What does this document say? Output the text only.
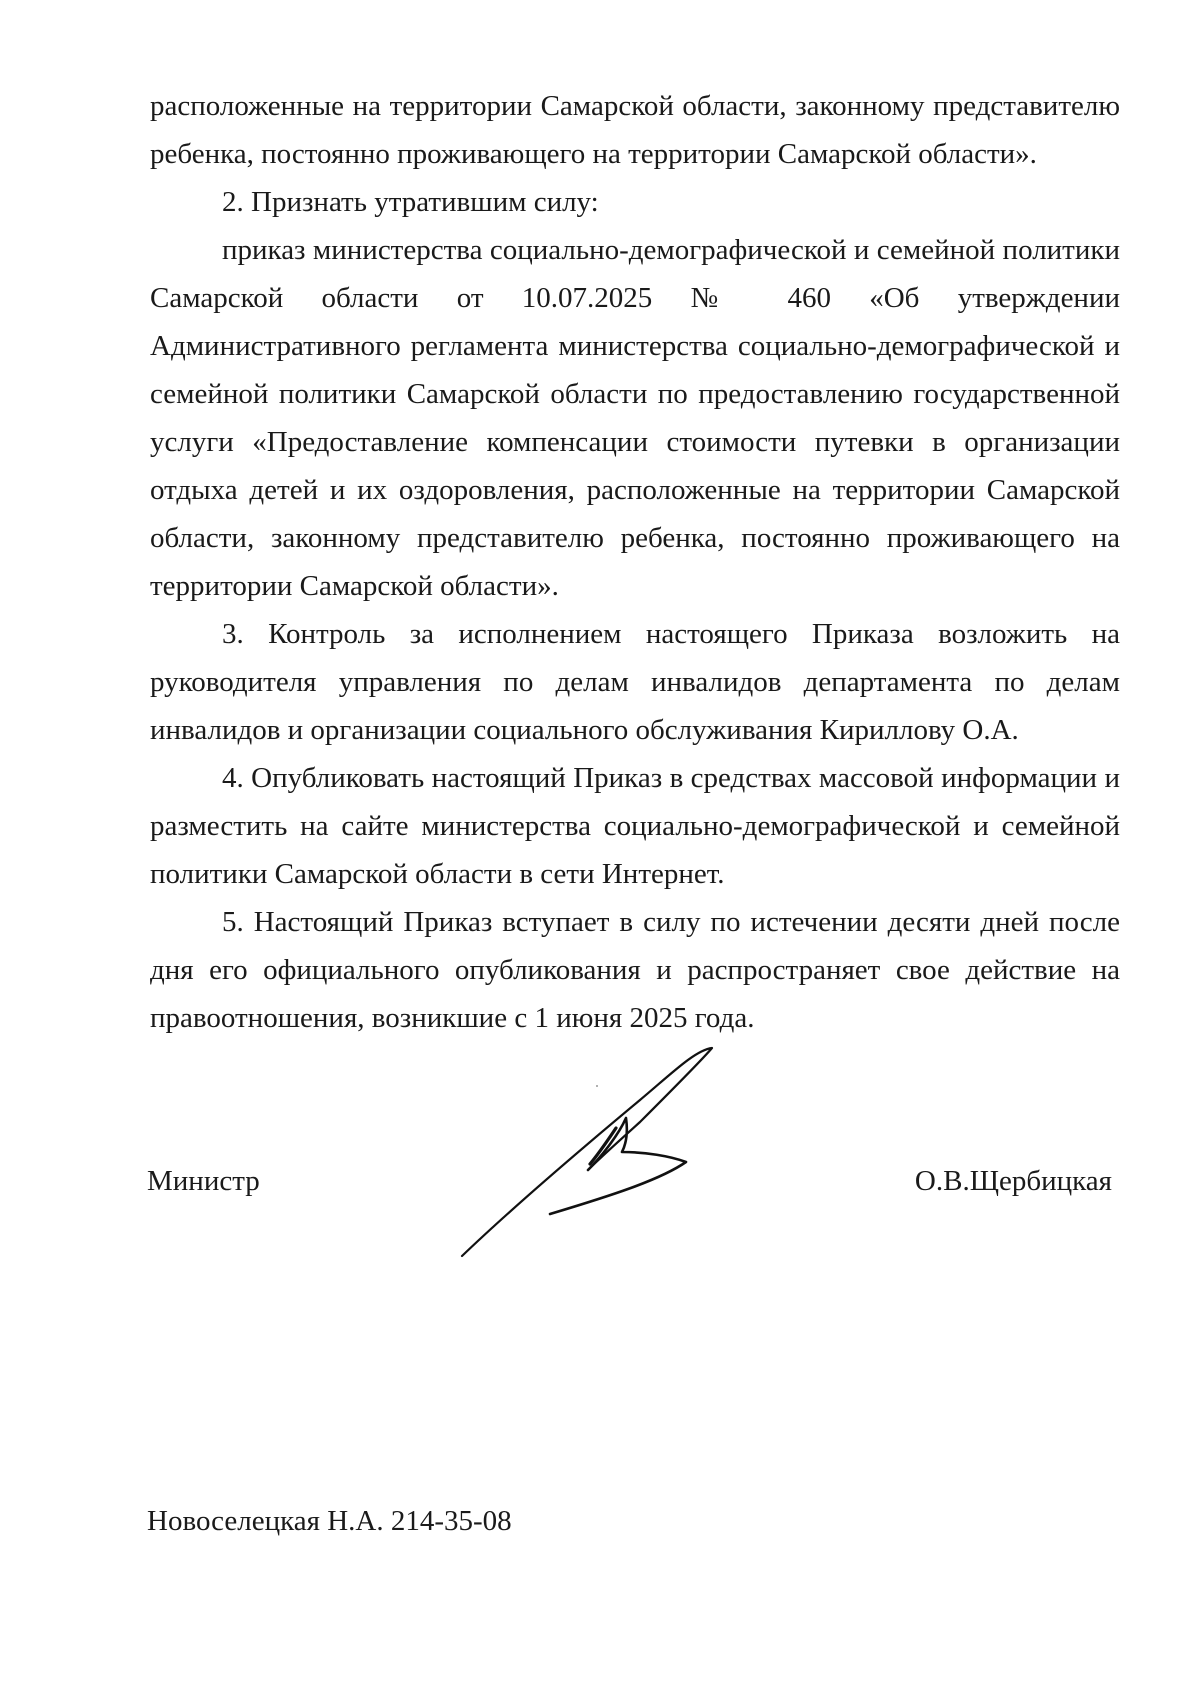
расположенные на территории Самарской области, законному представителю ребенка, постоянно проживающего на территории Самарской области».

2. Признать утратившим силу:

приказ министерства социально-демографической и семейной политики Самарской области от 10.07.2025 № 460 «Об утверждении Административного регламента министерства социально-демографической и семейной политики Самарской области по предоставлению государственной услуги «Предоставление компенсации стоимости путевки в организации отдыха детей и их оздоровления, расположенные на территории Самарской области, законному представителю ребенка, постоянно проживающего на территории Самарской области».

3. Контроль за исполнением настоящего Приказа возложить на руководителя управления по делам инвалидов департамента по делам инвалидов и организации социального обслуживания Кириллову О.А.

4. Опубликовать настоящий Приказ в средствах массовой информации и разместить на сайте министерства социально-демографической и семейной политики Самарской области в сети Интернет.

5. Настоящий Приказ вступает в силу по истечении десяти дней после дня его официального опубликования и распространяет свое действие на правоотношения, возникшие с 1 июня 2025 года.

Министр	О.В.Щербицкая
Новоселецкая Н.А. 214-35-08
